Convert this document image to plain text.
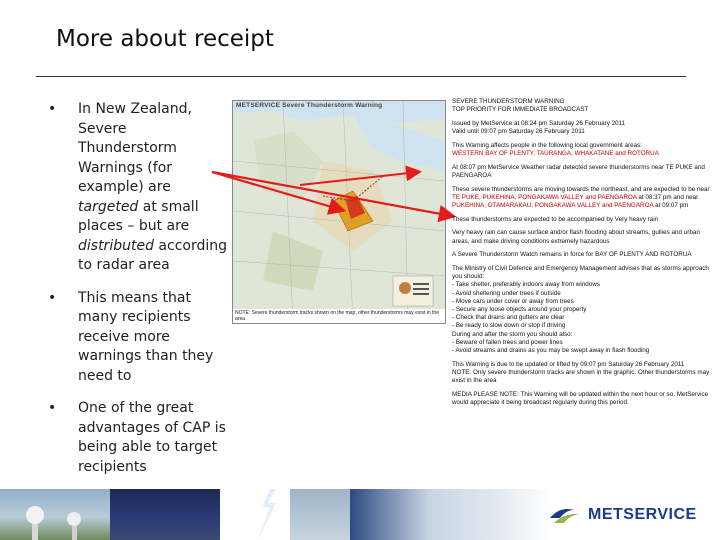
More about receipt
•	In New Zealand, Severe Thunderstorm Warnings (for example) are targeted at small places – but are distributed according to radar area
•	This means that many recipients receive more warnings than they need to
•	One of the great advantages of CAP is being able to target recipients
METSERVICE Severe Thunderstorm Warning
NOTE: Severe thunderstorm tracks shown on the map, other thunderstorms may exist in the area

SEVERE THUNDERSTORM WARNING
TOP PRIORITY FOR IMMEDIATE BROADCAST

Issued by MetService at 08:24 pm Saturday 26 February 2011
Valid until 09:07 pm Saturday 26 February 2011

This Warning affects people in the following local government areas:
WESTERN BAY OF PLENTY, TAURANGA, WHAKATANE and ROTORUA

At 08:07 pm MetService Weather radar detected severe thunderstorms near TE PUKE and PAENGAROA

These severe thunderstorms are moving towards the northeast, and are expected to be near TE PUKE, PUKEHINA, PONGAKAWA VALLEY and PAENGAROA at 08:37 pm and near PUKEHINA, OTAMARAKAU, PONGAKAWA VALLEY and PAENGAROA at 09:07 pm

These thunderstorms are expected to be accompanied by Very heavy rain

Very heavy rain can cause surface and/or flash flooding about streams, gullies and urban areas, and make driving conditions extremely hazardous

A Severe Thunderstorm Watch remains in force for BAY OF PLENTY AND ROTORUA

The Ministry of Civil Defence and Emergency Management advises that as storms approach you should:
- Take shelter, preferably indoors away from windows
- Avoid sheltering under trees if outside
- Move cars under cover or away from trees
- Secure any loose objects around your property
- Check that drains and gutters are clear
- Be ready to slow down or stop if driving
During and after the storm you should also:
- Beware of fallen trees and power lines
- Avoid streams and drains as you may be swept away in flash flooding

This Warning is due to be updated or lifted by 09:07 pm Saturday 26 February 2011
NOTE: Only severe thunderstorm tracks are shown in the graphic. Other thunderstorms may exist in the area

MEDIA PLEASE NOTE: This Warning will be updated within the next hour or so. MetService would appreciate it being broadcast regularly during this period.

METSERVICE
